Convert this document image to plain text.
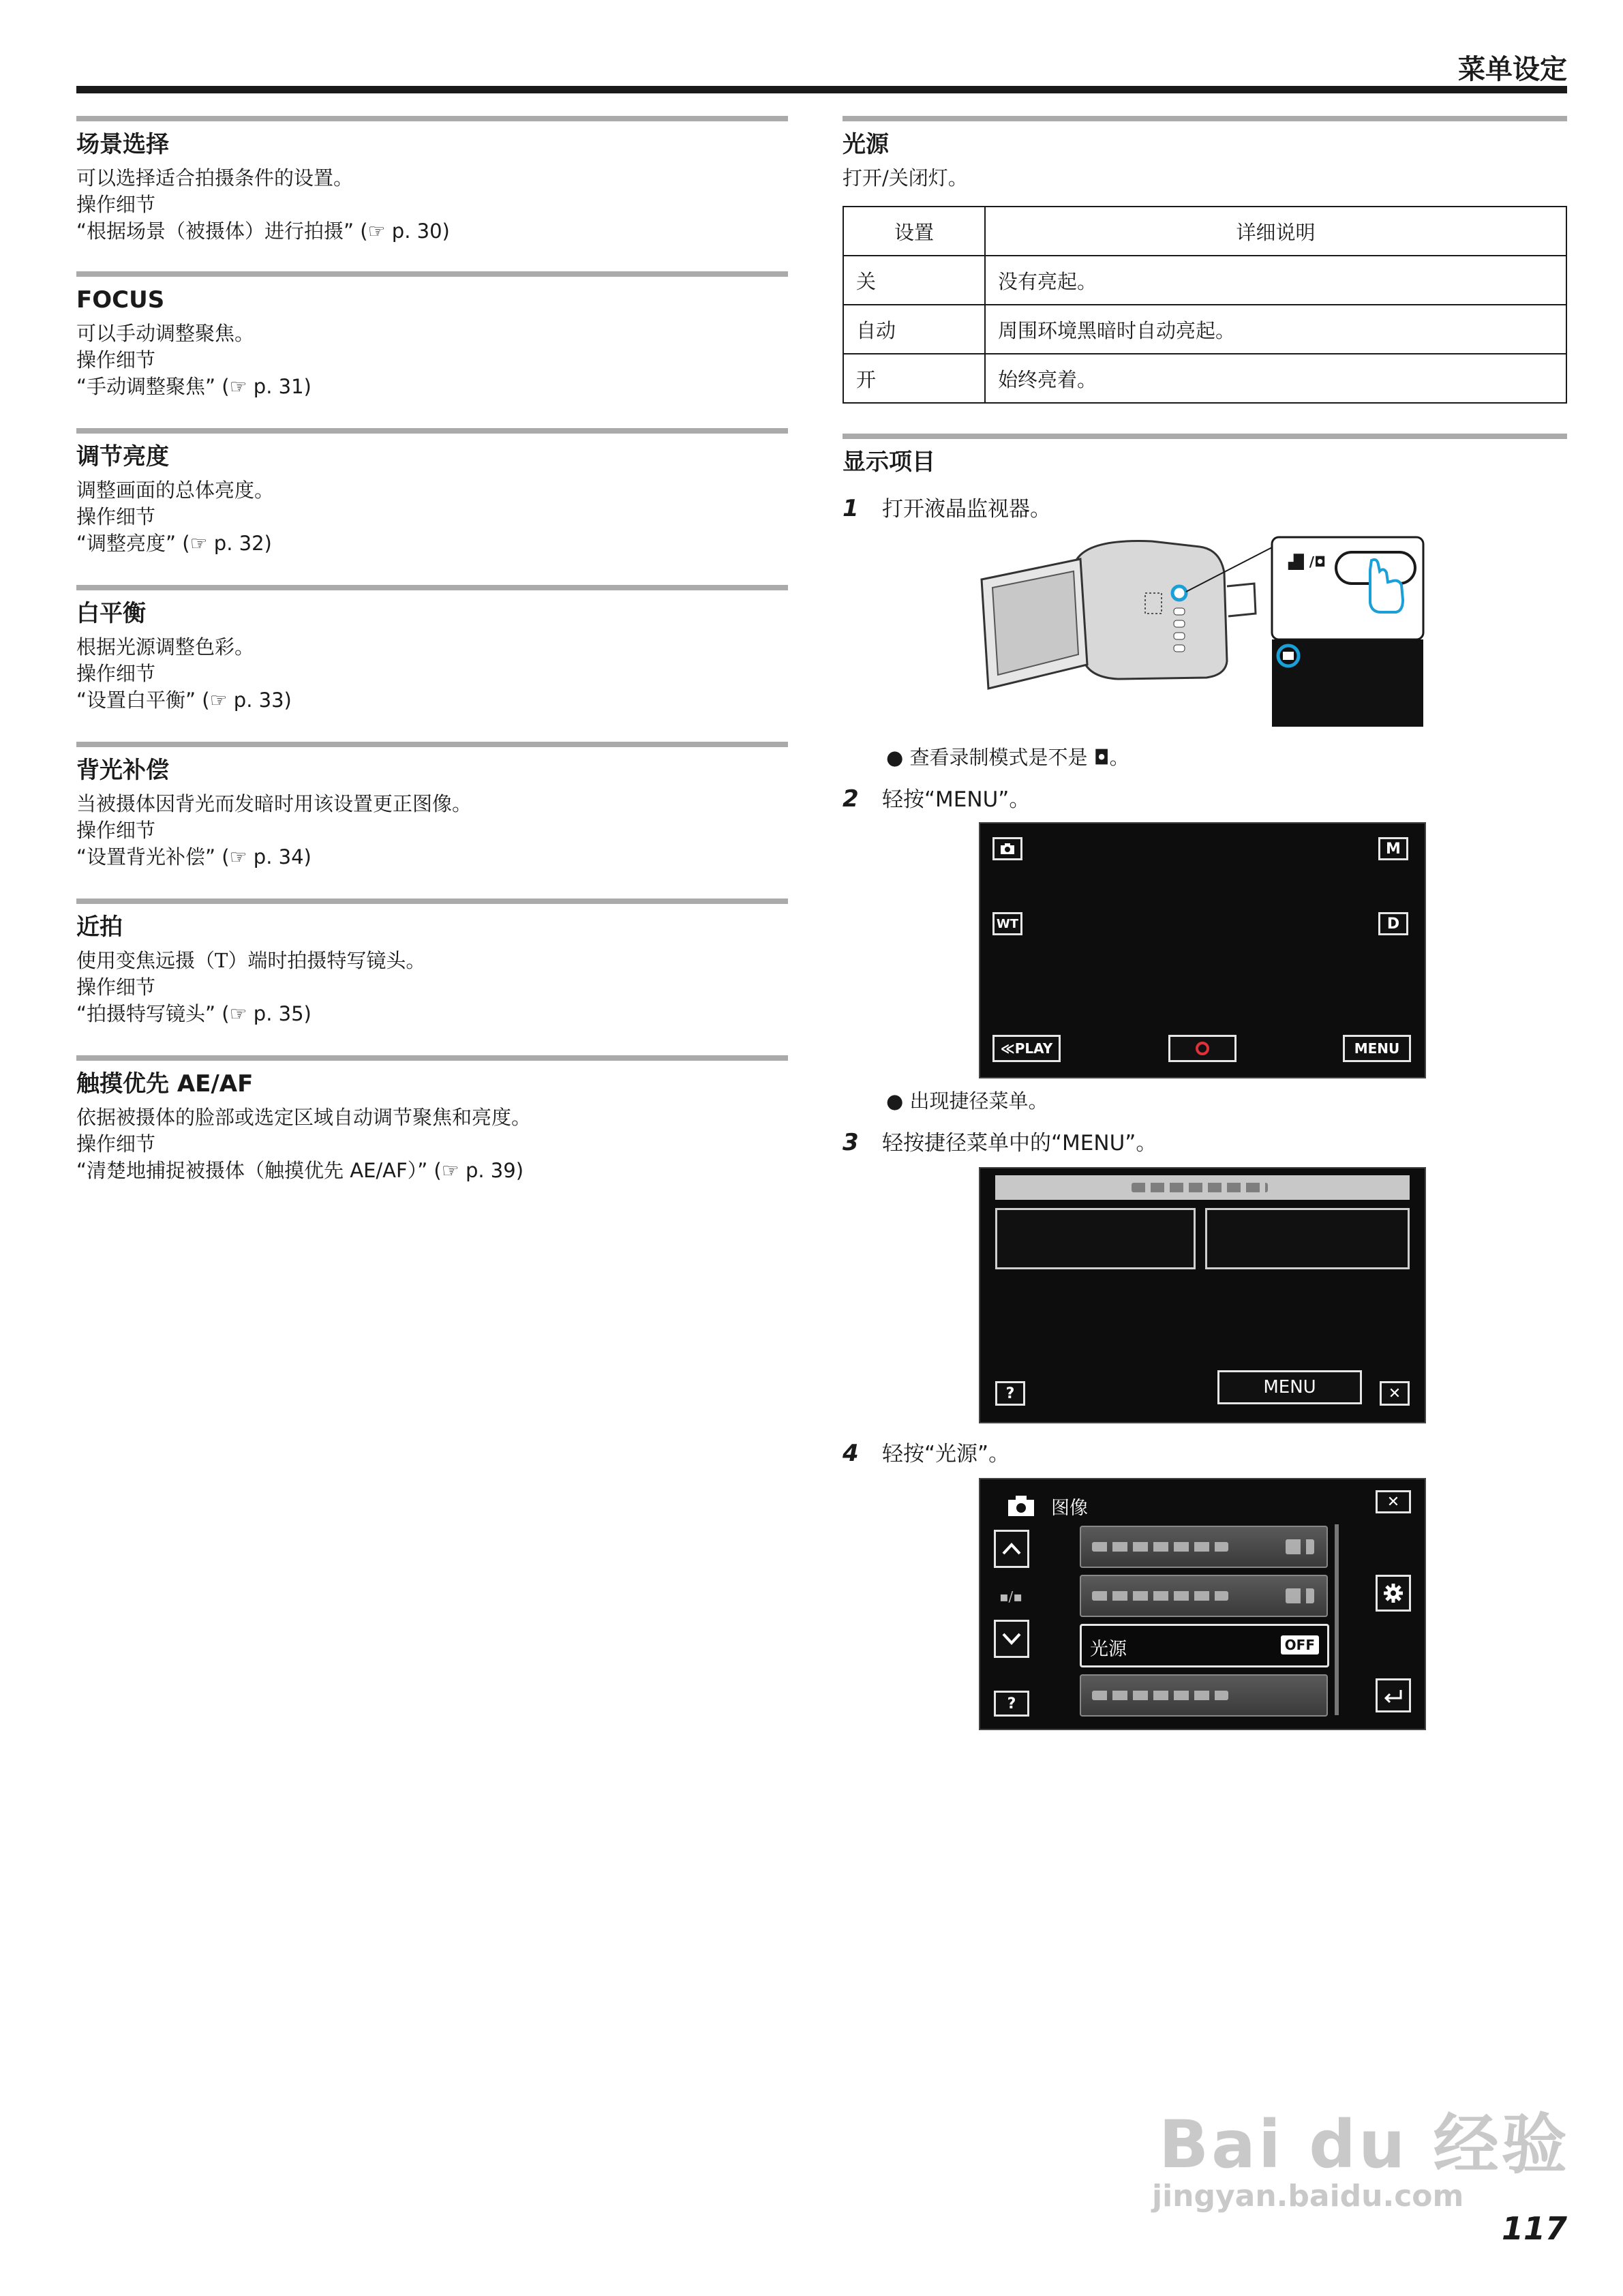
菜单设定
场景选择
可以选择适合拍摄条件的设置。
操作细节
“根据场景（被摄体）进行拍摄” (☞ p. 30)
FOCUS
可以手动调整聚焦。
操作细节
“手动调整聚焦” (☞ p. 31)
调节亮度
调整画面的总体亮度。
操作细节
“调整亮度” (☞ p. 32)
白平衡
根据光源调整色彩。
操作细节
“设置白平衡” (☞ p. 33)
背光补偿
当被摄体因背光而发暗时用该设置更正图像。
操作细节
“设置背光补偿” (☞ p. 34)
近拍
使用变焦远摄（T）端时拍摄特写镜头。
操作细节
“拍摄特写镜头” (☞ p. 35)
触摸优先 AE/AF
依据被摄体的脸部或选定区域自动调节聚焦和亮度。
操作细节
“清楚地捕捉被摄体（触摸优先 AE/AF）” (☞ p. 39)
光源
打开/关闭灯。
设置	详细说明
关	没有亮起。
自动	周围环境黑暗时自动亮起。
开	始终亮着。
显示项目
1 打开液晶监视器。
▟▌/◘
● 查看录制模式是不是 ◘。
2 轻按“MENU”。
M
WT	D
≪PLAY	MENU
● 出现捷径菜单。
3 轻按捷径菜单中的“MENU”。
MENU
?	✕
4 轻按“光源”。
图像	✕
▪/▪
?
光源	OFF
Bai du 经验
jingyan.baidu.com
117
